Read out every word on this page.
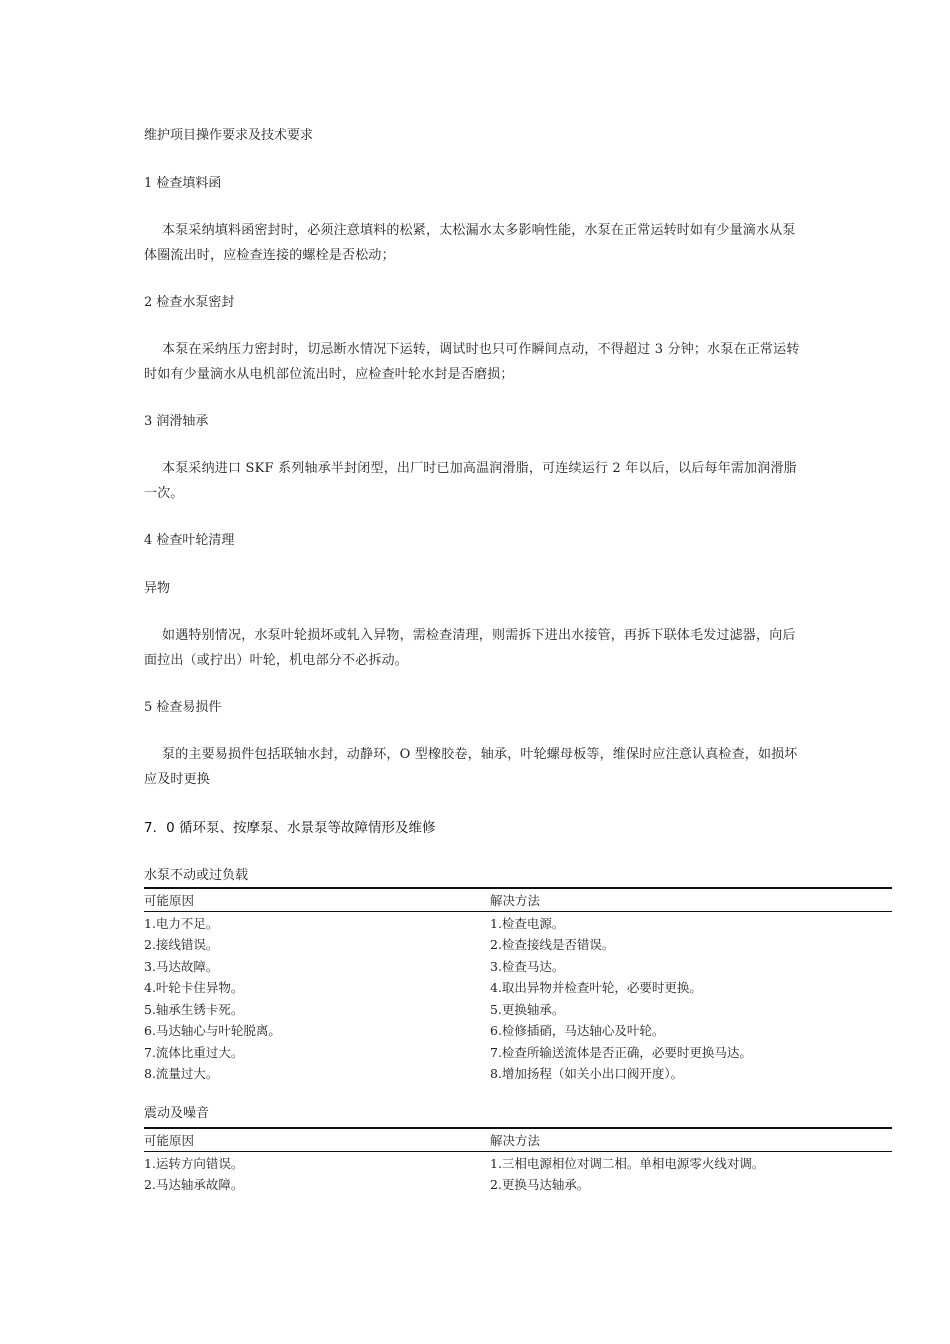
维护项目操作要求及技术要求
1 检查填料函
本泵采纳填料函密封时，必须注意填料的松紧，太松漏水太多影响性能，水泵在正常运转时如有少量滴水从泵体圈流出时，应检查连接的螺栓是否松动；
2 检查水泵密封
本泵在采纳压力密封时，切忌断水情况下运转，调试时也只可作瞬间点动，不得超过 3 分钟；水泵在正常运转时如有少量滴水从电机部位流出时，应检查叶轮水封是否磨损；
3 润滑轴承
本泵采纳进口 SKF 系列轴承半封闭型，出厂时已加高温润滑脂，可连续运行 2 年以后，以后每年需加润滑脂一次。
4 检查叶轮清理
异物
如遇特别情况，水泵叶轮损坏或轧入异物，需检查清理，则需拆下进出水接管，再拆下联体毛发过滤器，向后面拉出（或拧出）叶轮，机电部分不必拆动。
5 检查易损件
泵的主要易损件包括联轴水封，动静环，O 型橡胶卷，轴承，叶轮螺母板等，维保时应注意认真检查，如损坏应及时更换
7．0 循环泵、按摩泵、水景泵等故障情形及维修
水泵不动或过负载
可能原因	解决方法
1.电力不足。	1.检查电源。
2.接线错误。	2.检查接线是否错误。
3.马达故障。	3.检查马达。
4.叶轮卡住异物。	4.取出异物并检查叶轮，必要时更换。
5.轴承生锈卡死。	5.更换轴承。
6.马达轴心与叶轮脱离。	6.检修插硝，马达轴心及叶轮。
7.流体比重过大。	7.检查所输送流体是否正确，必要时更换马达。
8.流量过大。	8.增加扬程（如关小出口阀开度）。
震动及噪音
可能原因	解决方法
1.运转方向错误。	1.三相电源相位对调二相。单相电源零火线对调。
2.马达轴承故障。	2.更换马达轴承。
